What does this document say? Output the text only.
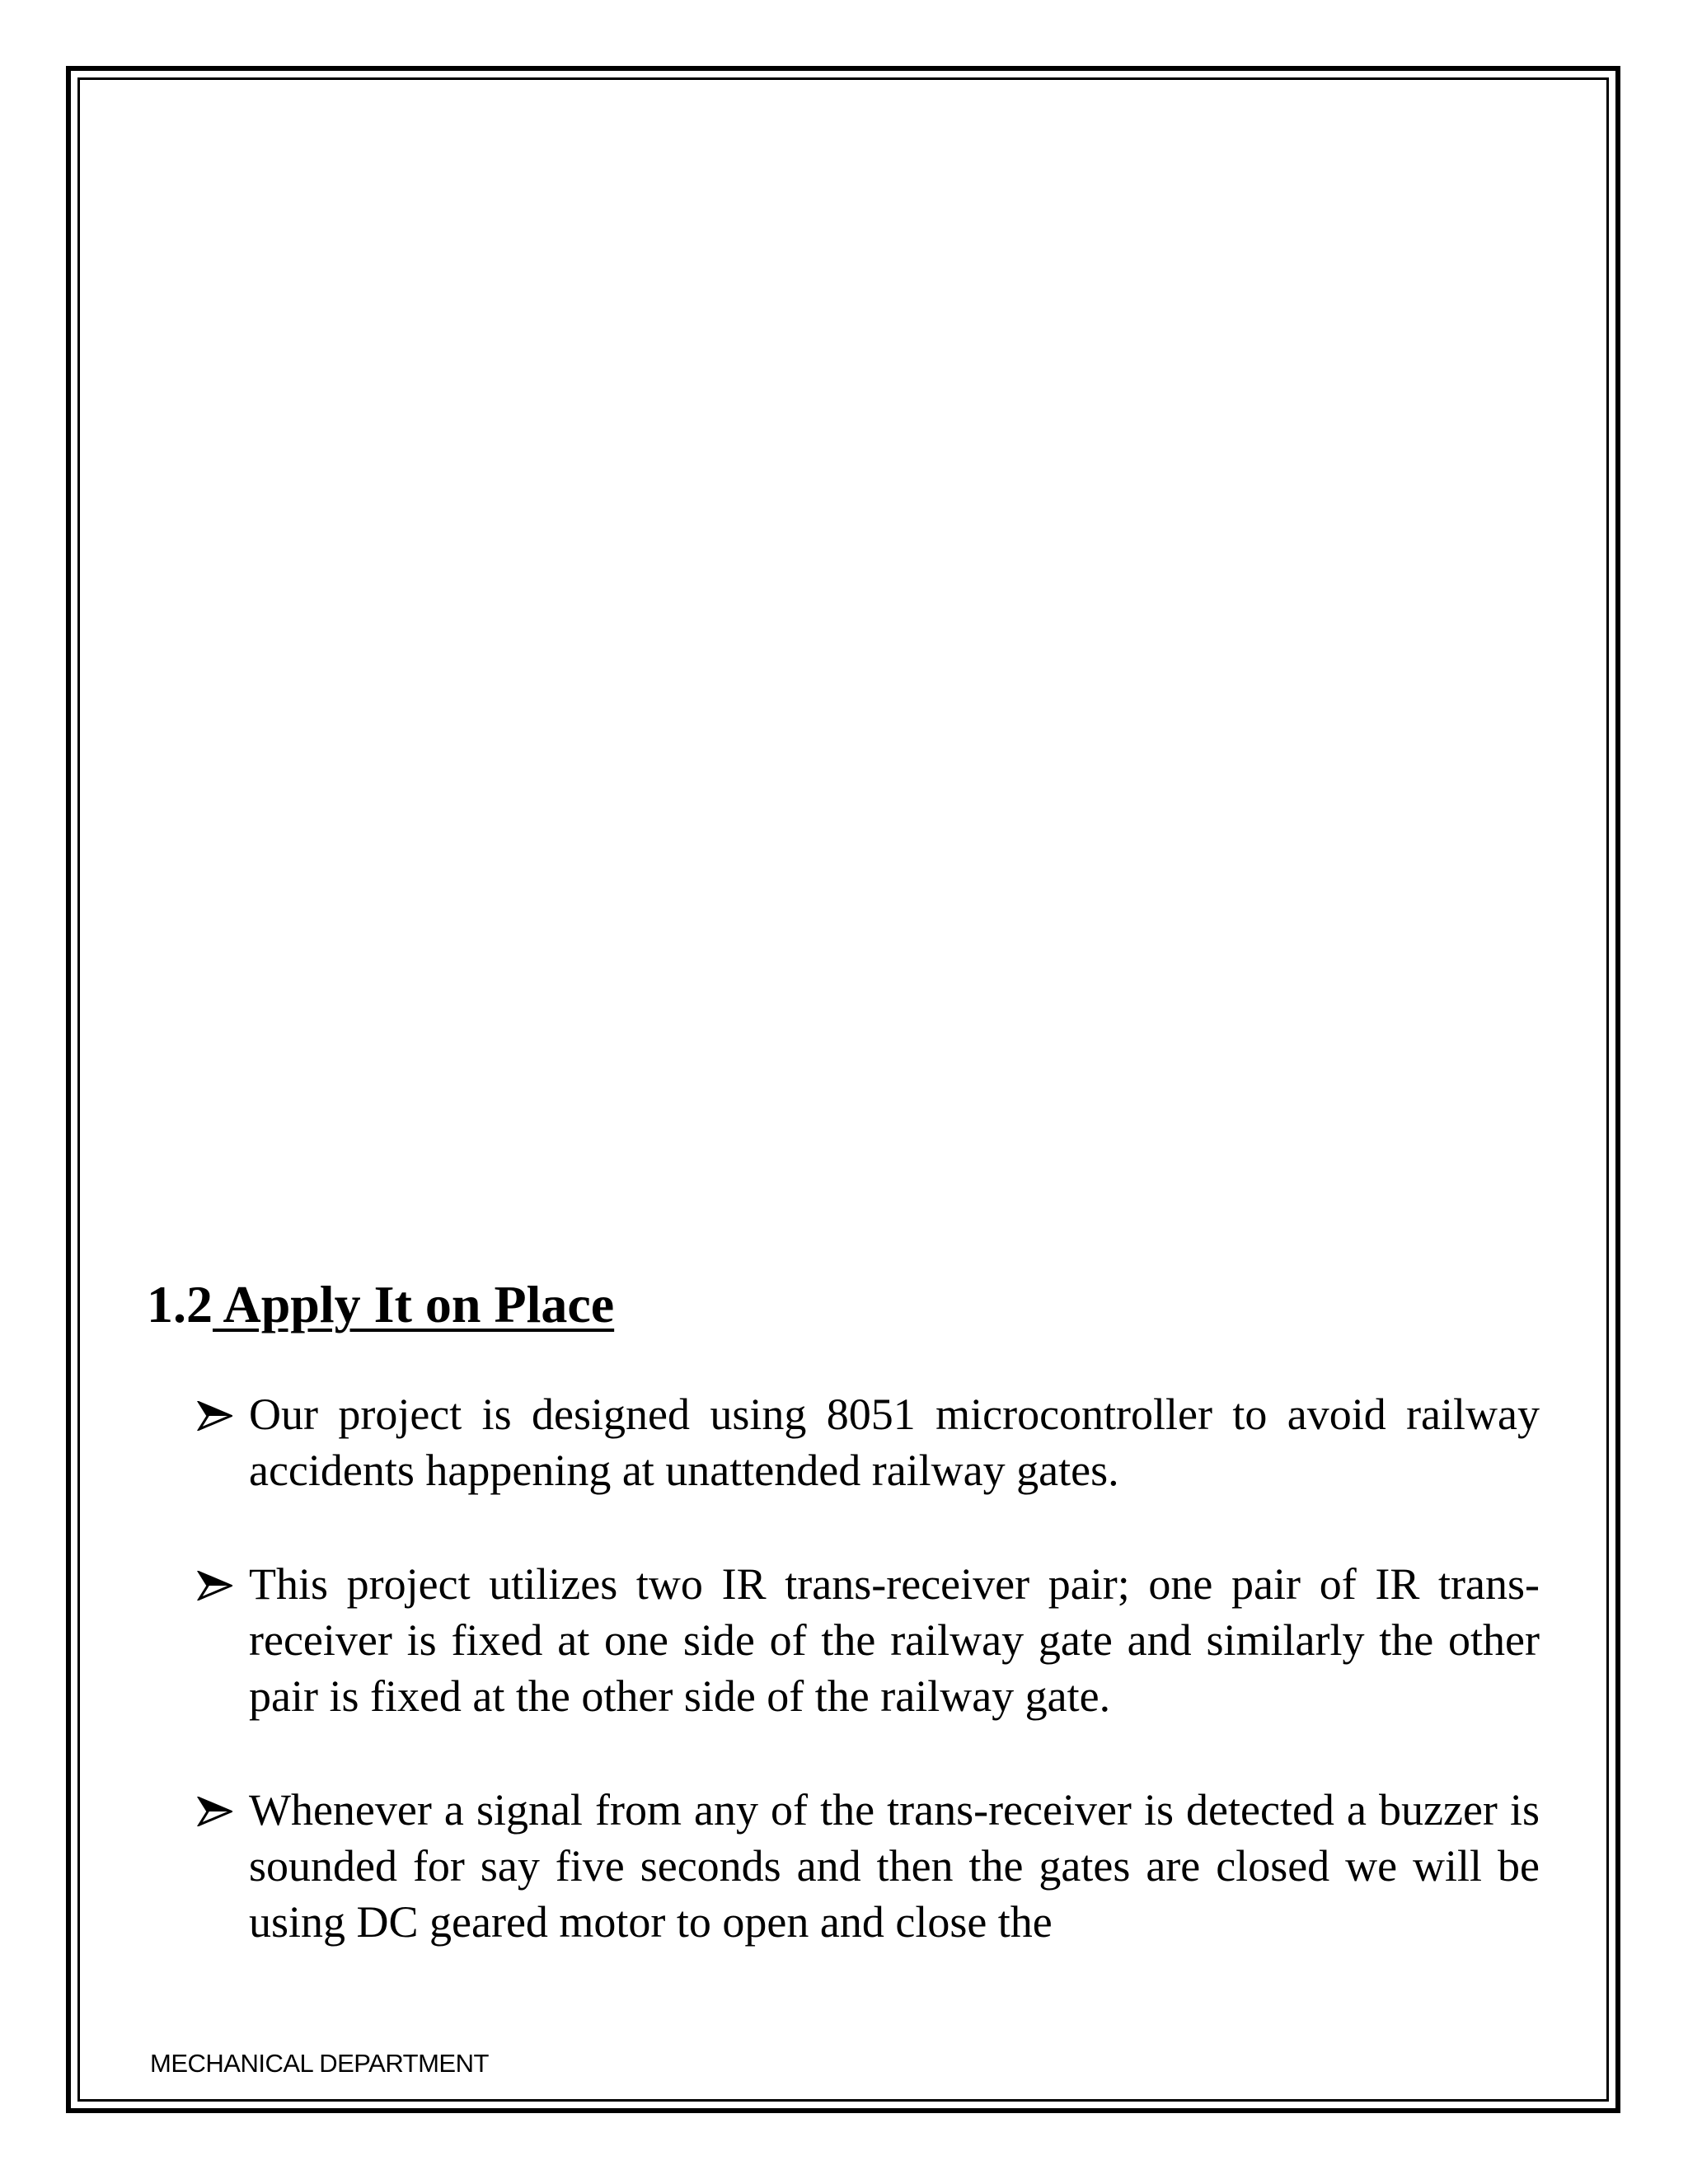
1.2 Apply It on Place
Our project is designed using 8051 microcontroller to avoid railway accidents happening at unattended railway gates.
This project utilizes two IR trans-receiver pair; one pair of IR trans-receiver is fixed at one side of the railway gate and similarly the other pair is fixed at the other side of the railway gate.
Whenever a signal from any of the trans-receiver is detected a buzzer is sounded for say five seconds and then the gates are closed we will be using DC geared motor to open and close the
MECHANICAL DEPARTMENT
